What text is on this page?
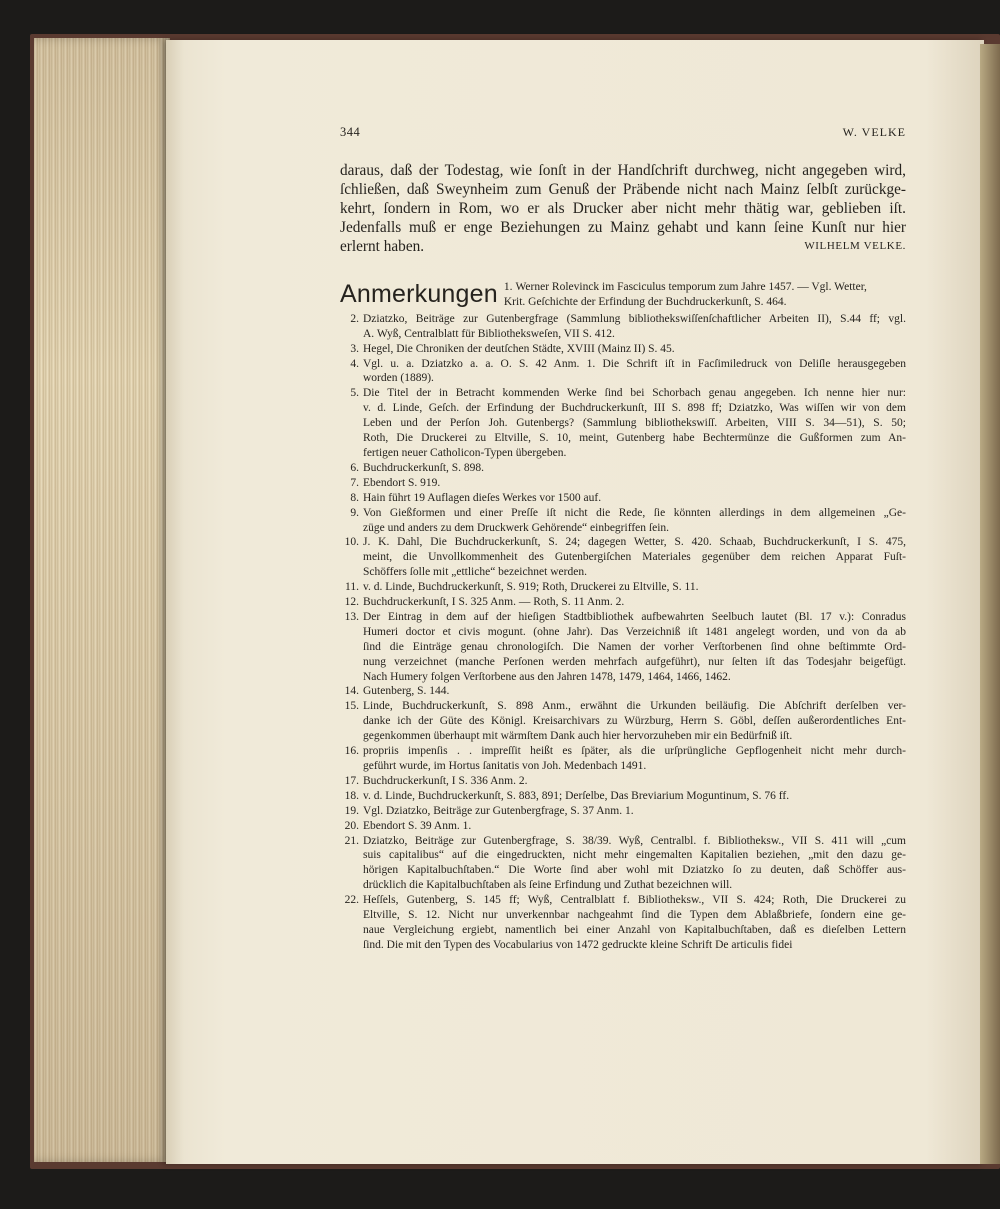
344	W. VELKE
daraus, daß der Todestag, wie ſonſt in der Handſchrift durchweg, nicht angegeben wird,
ſchließen, daß Sweynheim zum Genuß der Präbende nicht nach Mainz ſelbſt zurückge-
kehrt, ſondern in Rom, wo er als Drucker aber nicht mehr thätig war, geblieben iſt.
Jedenfalls muß er enge Beziehungen zu Mainz gehabt und kann ſeine Kunſt nur hier
erlernt haben.	WILHELM VELKE.
Anmerkungen 1. Werner Rolevinck im Fasciculus temporum zum Jahre 1457. — Vgl. Wetter,
Krit. Geſchichte der Erfindung der Buchdruckerkunſt, S. 464.
2. Dziatzko, Beiträge zur Gutenbergfrage (Sammlung bibliothekswiſſenſchaftlicher Arbeiten II), S.44 ff; vgl.
A. Wyß, Centralblatt für Bibliotheksweſen, VII S. 412.
3. Hegel, Die Chroniken der deutſchen Städte, XVIII (Mainz II) S. 45.
4. Vgl. u. a. Dziatzko a. a. O. S. 42 Anm. 1. Die Schrift iſt in Facſimiledruck von Deliſle herausgegeben
worden (1889).
5. Die Titel der in Betracht kommenden Werke ſind bei Schorbach genau angegeben. Ich nenne hier nur:
v. d. Linde, Geſch. der Erfindung der Buchdruckerkunſt, III S. 898 ff; Dziatzko, Was wiſſen wir von dem
Leben und der Perſon Joh. Gutenbergs? (Sammlung bibliothekswiſſ. Arbeiten, VIII S. 34—51), S. 50;
Roth, Die Druckerei zu Eltville, S. 10, meint, Gutenberg habe Bechtermünze die Gußformen zum An-
fertigen neuer Catholicon-Typen übergeben.
6. Buchdruckerkunſt, S. 898.
7. Ebendort S. 919.
8. Hain führt 19 Auflagen dieſes Werkes vor 1500 auf.
9. Von Gießformen und einer Preſſe iſt nicht die Rede, ſie könnten allerdings in dem allgemeinen „Ge-
züge und anders zu dem Druckwerk Gehörende“ einbegriffen ſein.
10. J. K. Dahl, Die Buchdruckerkunſt, S. 24; dagegen Wetter, S. 420. Schaab, Buchdruckerkunſt, I S. 475,
meint, die Unvollkommenheit des Gutenbergiſchen Materiales gegenüber dem reichen Apparat Fuſt-
Schöffers ſolle mit „ettliche“ bezeichnet werden.
11. v. d. Linde, Buchdruckerkunſt, S. 919; Roth, Druckerei zu Eltville, S. 11.
12. Buchdruckerkunſt, I S. 325 Anm. — Roth, S. 11 Anm. 2.
13. Der Eintrag in dem auf der hieſigen Stadtbibliothek aufbewahrten Seelbuch lautet (Bl. 17 v.): Conradus
Humeri doctor et civis mogunt. (ohne Jahr). Das Verzeichniß iſt 1481 angelegt worden, und von da ab
ſind die Einträge genau chronologiſch. Die Namen der vorher Verſtorbenen ſind ohne beſtimmte Ord-
nung verzeichnet (manche Perſonen werden mehrfach aufgeführt), nur ſelten iſt das Todesjahr beigefügt.
Nach Humery folgen Verſtorbene aus den Jahren 1478, 1479, 1464, 1466, 1462.
14. Gutenberg, S. 144.
15. Linde, Buchdruckerkunſt, S. 898 Anm., erwähnt die Urkunden beiläufig. Die Abſchrift derſelben ver-
danke ich der Güte des Königl. Kreisarchivars zu Würzburg, Herrn S. Göbl, deſſen außerordentliches Ent-
gegenkommen überhaupt mit wärmſtem Dank auch hier hervorzuheben mir ein Bedürfniß iſt.
16. propriis impenſis . . impreſſit heißt es ſpäter, als die urſprüngliche Gepflogenheit nicht mehr durch-
geführt wurde, im Hortus ſanitatis von Joh. Medenbach 1491.
17. Buchdruckerkunſt, I S. 336 Anm. 2.
18. v. d. Linde, Buchdruckerkunſt, S. 883, 891; Derſelbe, Das Breviarium Moguntinum, S. 76 ff.
19. Vgl. Dziatzko, Beiträge zur Gutenbergfrage, S. 37 Anm. 1.
20. Ebendort S. 39 Anm. 1.
21. Dziatzko, Beiträge zur Gutenbergfrage, S. 38/39. Wyß, Centralbl. f. Bibliotheksw., VII S. 411 will „cum
suis capitalibus“ auf die eingedruckten, nicht mehr eingemalten Kapitalien beziehen, „mit den dazu ge-
hörigen Kapitalbuchſtaben.“ Die Worte ſind aber wohl mit Dziatzko ſo zu deuten, daß Schöffer aus-
drücklich die Kapitalbuchſtaben als ſeine Erfindung und Zuthat bezeichnen will.
22. Heſſels, Gutenberg, S. 145 ff; Wyß, Centralblatt f. Bibliotheksw., VII S. 424; Roth, Die Druckerei zu
Eltville, S. 12. Nicht nur unverkennbar nachgeahmt ſind die Typen dem Ablaßbriefe, ſondern eine ge-
naue Vergleichung ergiebt, namentlich bei einer Anzahl von Kapitalbuchſtaben, daß es dieſelben Lettern
ſind. Die mit den Typen des Vocabularius von 1472 gedruckte kleine Schrift De articulis fidei
